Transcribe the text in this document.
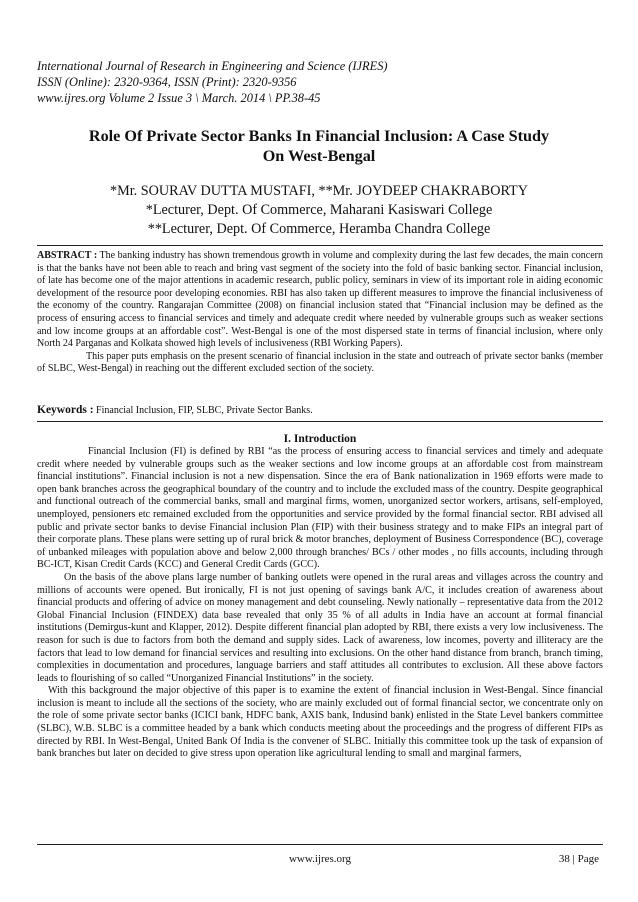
International Journal of Research in Engineering and Science (IJRES)
ISSN (Online): 2320-9364, ISSN (Print): 2320-9356
www.ijres.org Volume 2 Issue 3 \ March. 2014 \ PP.38-45
Role Of Private Sector Banks In Financial Inclusion: A Case Study
On West-Bengal
*Mr. SOURAV DUTTA MUSTAFI, **Mr. JOYDEEP CHAKRABORTY
*Lecturer, Dept. Of Commerce, Maharani Kasiswari College
**Lecturer, Dept. Of Commerce, Heramba Chandra College

ABSTRACT : The banking industry has shown tremendous growth in volume and complexity during the last few decades, the main concern is that the banks have not been able to reach and bring vast segment of the society into the fold of basic banking sector. Financial inclusion, of late has become one of the major attentions in academic research, public policy, seminars in view of its important role in aiding economic development of the resource poor developing economies. RBI has also taken up different measures to improve the financial inclusiveness of the economy of the country. Rangarajan Committee (2008) on financial inclusion stated that “Financial inclusion may be defined as the process of ensuring access to financial services and timely and adequate credit where needed by vulnerable groups such as weaker sections and low income groups at an affordable cost”. West-Bengal is one of the most dispersed state in terms of financial inclusion, where only North 24 Parganas and Kolkata showed high levels of inclusiveness (RBI Working Papers).

This paper puts emphasis on the present scenario of financial inclusion in the state and outreach of private sector banks (member of SLBC, West-Bengal) in reaching out the different excluded section of the society.

Keywords : Financial Inclusion, FIP, SLBC, Private Sector Banks.
I. Introduction

Financial Inclusion (FI) is defined by RBI “as the process of ensuring access to financial services and timely and adequate credit where needed by vulnerable groups such as the weaker sections and low income groups at an affordable cost from mainstream financial institutions”. Financial inclusion is not a new dispensation. Since the era of Bank nationalization in 1969 efforts were made to open bank branches across the geographical boundary of the country and to include the excluded mass of the country. Despite geographical and functional outreach of the commercial banks, small and marginal firms, women, unorganized sector workers, artisans, self-employed, unemployed, pensioners etc remained excluded from the opportunities and service provided by the formal financial sector. RBI advised all public and private sector banks to devise Financial inclusion Plan (FIP) with their business strategy and to make FIPs an integral part of their corporate plans. These plans were setting up of rural brick & motor branches, deployment of Business Correspondence (BC), coverage of unbanked mileages with population above and below 2,000 through branches/ BCs / other modes , no fills accounts, including through BC-ICT, Kisan Credit Cards (KCC) and General Credit Cards (GCC).

On the basis of the above plans large number of banking outlets were opened in the rural areas and villages across the country and millions of accounts were opened. But ironically, FI is not just opening of savings bank A/C, it includes creation of awareness about financial products and offering of advice on money management and debt counseling. Newly nationally – representative data from the 2012 Global Financial Inclusion (FINDEX) data base revealed that only 35 % of all adults in India have an account at formal financial institutions (Demirgus-kunt and Klapper, 2012). Despite different financial plan adopted by RBI, there exists a very low inclusiveness. The reason for such is due to factors from both the demand and supply sides. Lack of awareness, low incomes, poverty and illiteracy are the factors that lead to low demand for financial services and resulting into exclusions. On the other hand distance from branch, branch timing, complexities in documentation and procedures, language barriers and staff attitudes all contributes to exclusion. All these above factors leads to flourishing of so called “Unorganized Financial Institutions” in the society.

With this background the major objective of this paper is to examine the extent of financial inclusion in West-Bengal. Since financial inclusion is meant to include all the sections of the society, who are mainly excluded out of formal financial sector, we concentrate only on the role of some private sector banks (ICICI bank, HDFC bank, AXIS bank, Indusind bank) enlisted in the State Level bankers committee (SLBC), W.B. SLBC is a committee headed by a bank which conducts meeting about the proceedings and the progress of different FIPs as directed by RBI. In West-Bengal, United Bank Of India is the convener of SLBC. Initially this committee took up the task of expansion of bank branches but later on decided to give stress upon operation like agricultural lending to small and marginal farmers,

www.ijres.org	38 | Page
